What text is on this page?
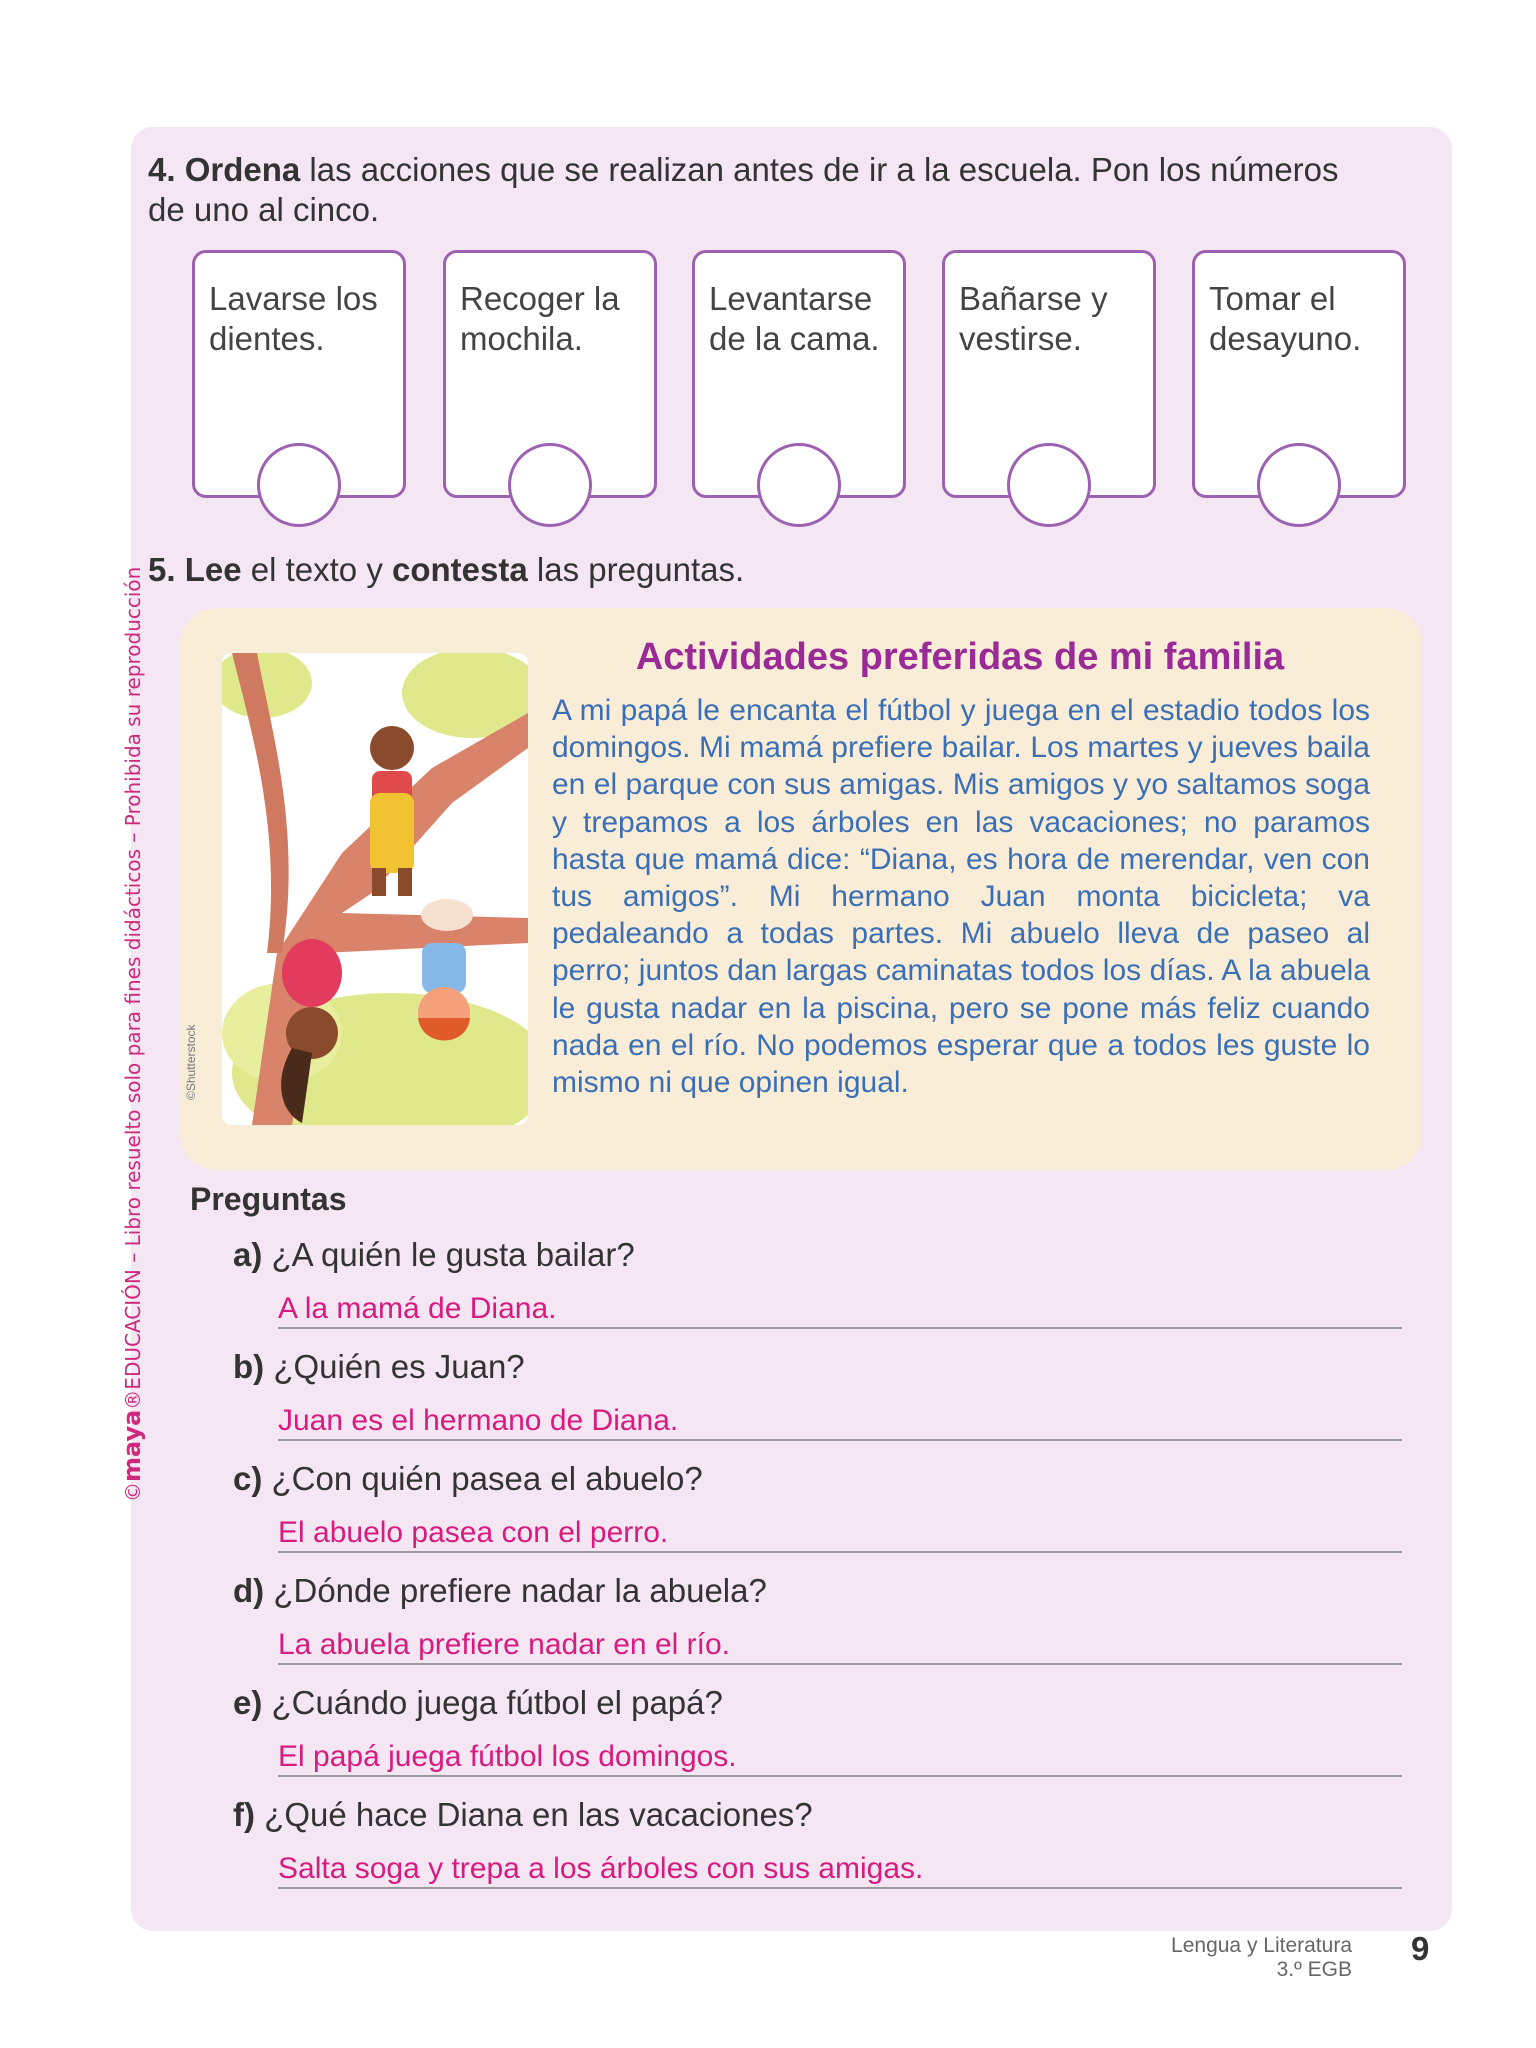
©maya®EDUCACIÓN – Libro resuelto solo para fines didácticos – Prohibida su reproducción
4. Ordena las acciones que se realizan antes de ir a la escuela. Pon los números de uno al cinco.
Lavarse los dientes.
Recoger la mochila.
Levantarse de la cama.
Bañarse y vestirse.
Tomar el desayuno.
5. Lee el texto y contesta las preguntas.
©Shutterstock
Actividades preferidas de mi familia
A mi papá le encanta el fútbol y juega en el estadio todos los domingos. Mi mamá prefiere bailar. Los martes y jueves baila en el parque con sus amigas. Mis amigos y yo saltamos soga y trepamos a los árboles en las vacaciones; no paramos hasta que mamá dice: “Diana, es hora de merendar, ven con tus amigos”. Mi hermano Juan monta bicicleta; va pedaleando a todas partes. Mi abuelo lleva de paseo al perro; juntos dan largas caminatas todos los días. A la abuela le gusta nadar en la piscina, pero se pone más feliz cuando nada en el río. No podemos esperar que a todos les guste lo mismo ni que opinen igual.
Preguntas
a) ¿A quién le gusta bailar?
A la mamá de Diana.
b) ¿Quién es Juan?
Juan es el hermano de Diana.
c) ¿Con quién pasea el abuelo?
El abuelo pasea con el perro.
d) ¿Dónde prefiere nadar la abuela?
La abuela prefiere nadar en el río.
e) ¿Cuándo juega fútbol el papá?
El papá juega fútbol los domingos.
f) ¿Qué hace Diana en las vacaciones?
Salta soga y trepa a los árboles con sus amigas.
Lengua y Literatura
3.º EGB
9
